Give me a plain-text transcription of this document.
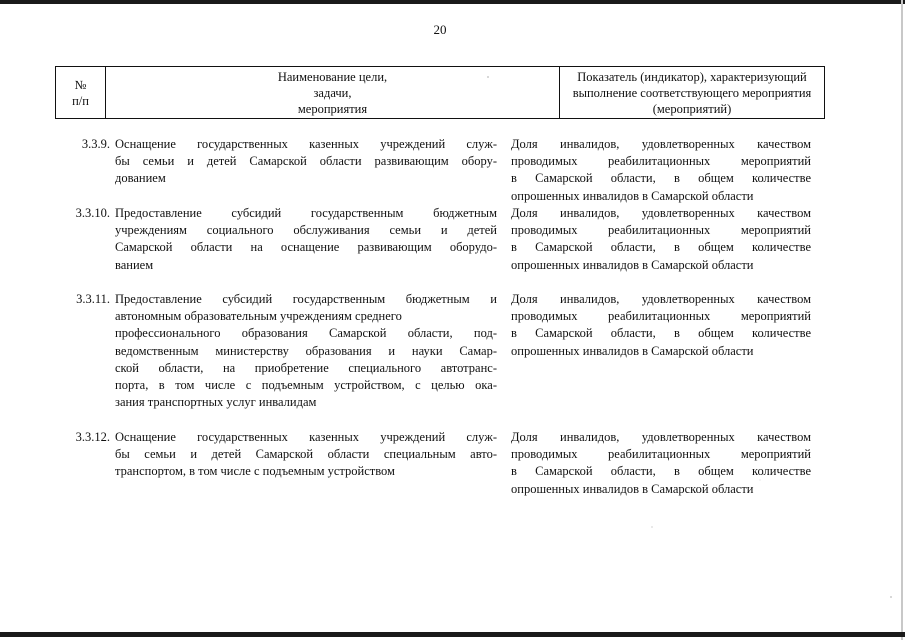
20
№
п/п
Наименование цели,
задачи,
мероприятия
Показатель (индикатор), характеризующий
выполнение соответствующего мероприятия
(мероприятий)
3.3.9. Оснащение государственных казенных учреждений служ-
бы семьи и детей Самарской области развивающим обору-
дованием
Доля инвалидов, удовлетворенных качеством
проводимых реабилитационных мероприятий
в Самарской области, в общем количестве
опрошенных инвалидов в Самарской области
3.3.10. Предоставление субсидий государственным бюджетным
учреждениям социального обслуживания семьи и детей
Самарской области на оснащение развивающим оборудо-
ванием
Доля инвалидов, удовлетворенных качеством
проводимых реабилитационных мероприятий
в Самарской области, в общем количестве
опрошенных инвалидов в Самарской области
3.3.11. Предоставление субсидий государственным бюджетным и
автономным образовательным учреждениям среднего
профессионального образования Самарской области, под-
ведомственным министерству образования и науки Самар-
ской области, на приобретение специального автотранс-
порта, в том числе с подъемным устройством, с целью ока-
зания транспортных услуг инвалидам
Доля инвалидов, удовлетворенных качеством
проводимых реабилитационных мероприятий
в Самарской области, в общем количестве
опрошенных инвалидов в Самарской области
3.3.12. Оснащение государственных казенных учреждений служ-
бы семьи и детей Самарской области специальным авто-
транспортом, в том числе с подъемным устройством
Доля инвалидов, удовлетворенных качеством
проводимых реабилитационных мероприятий
в Самарской области, в общем количестве
опрошенных инвалидов в Самарской области
